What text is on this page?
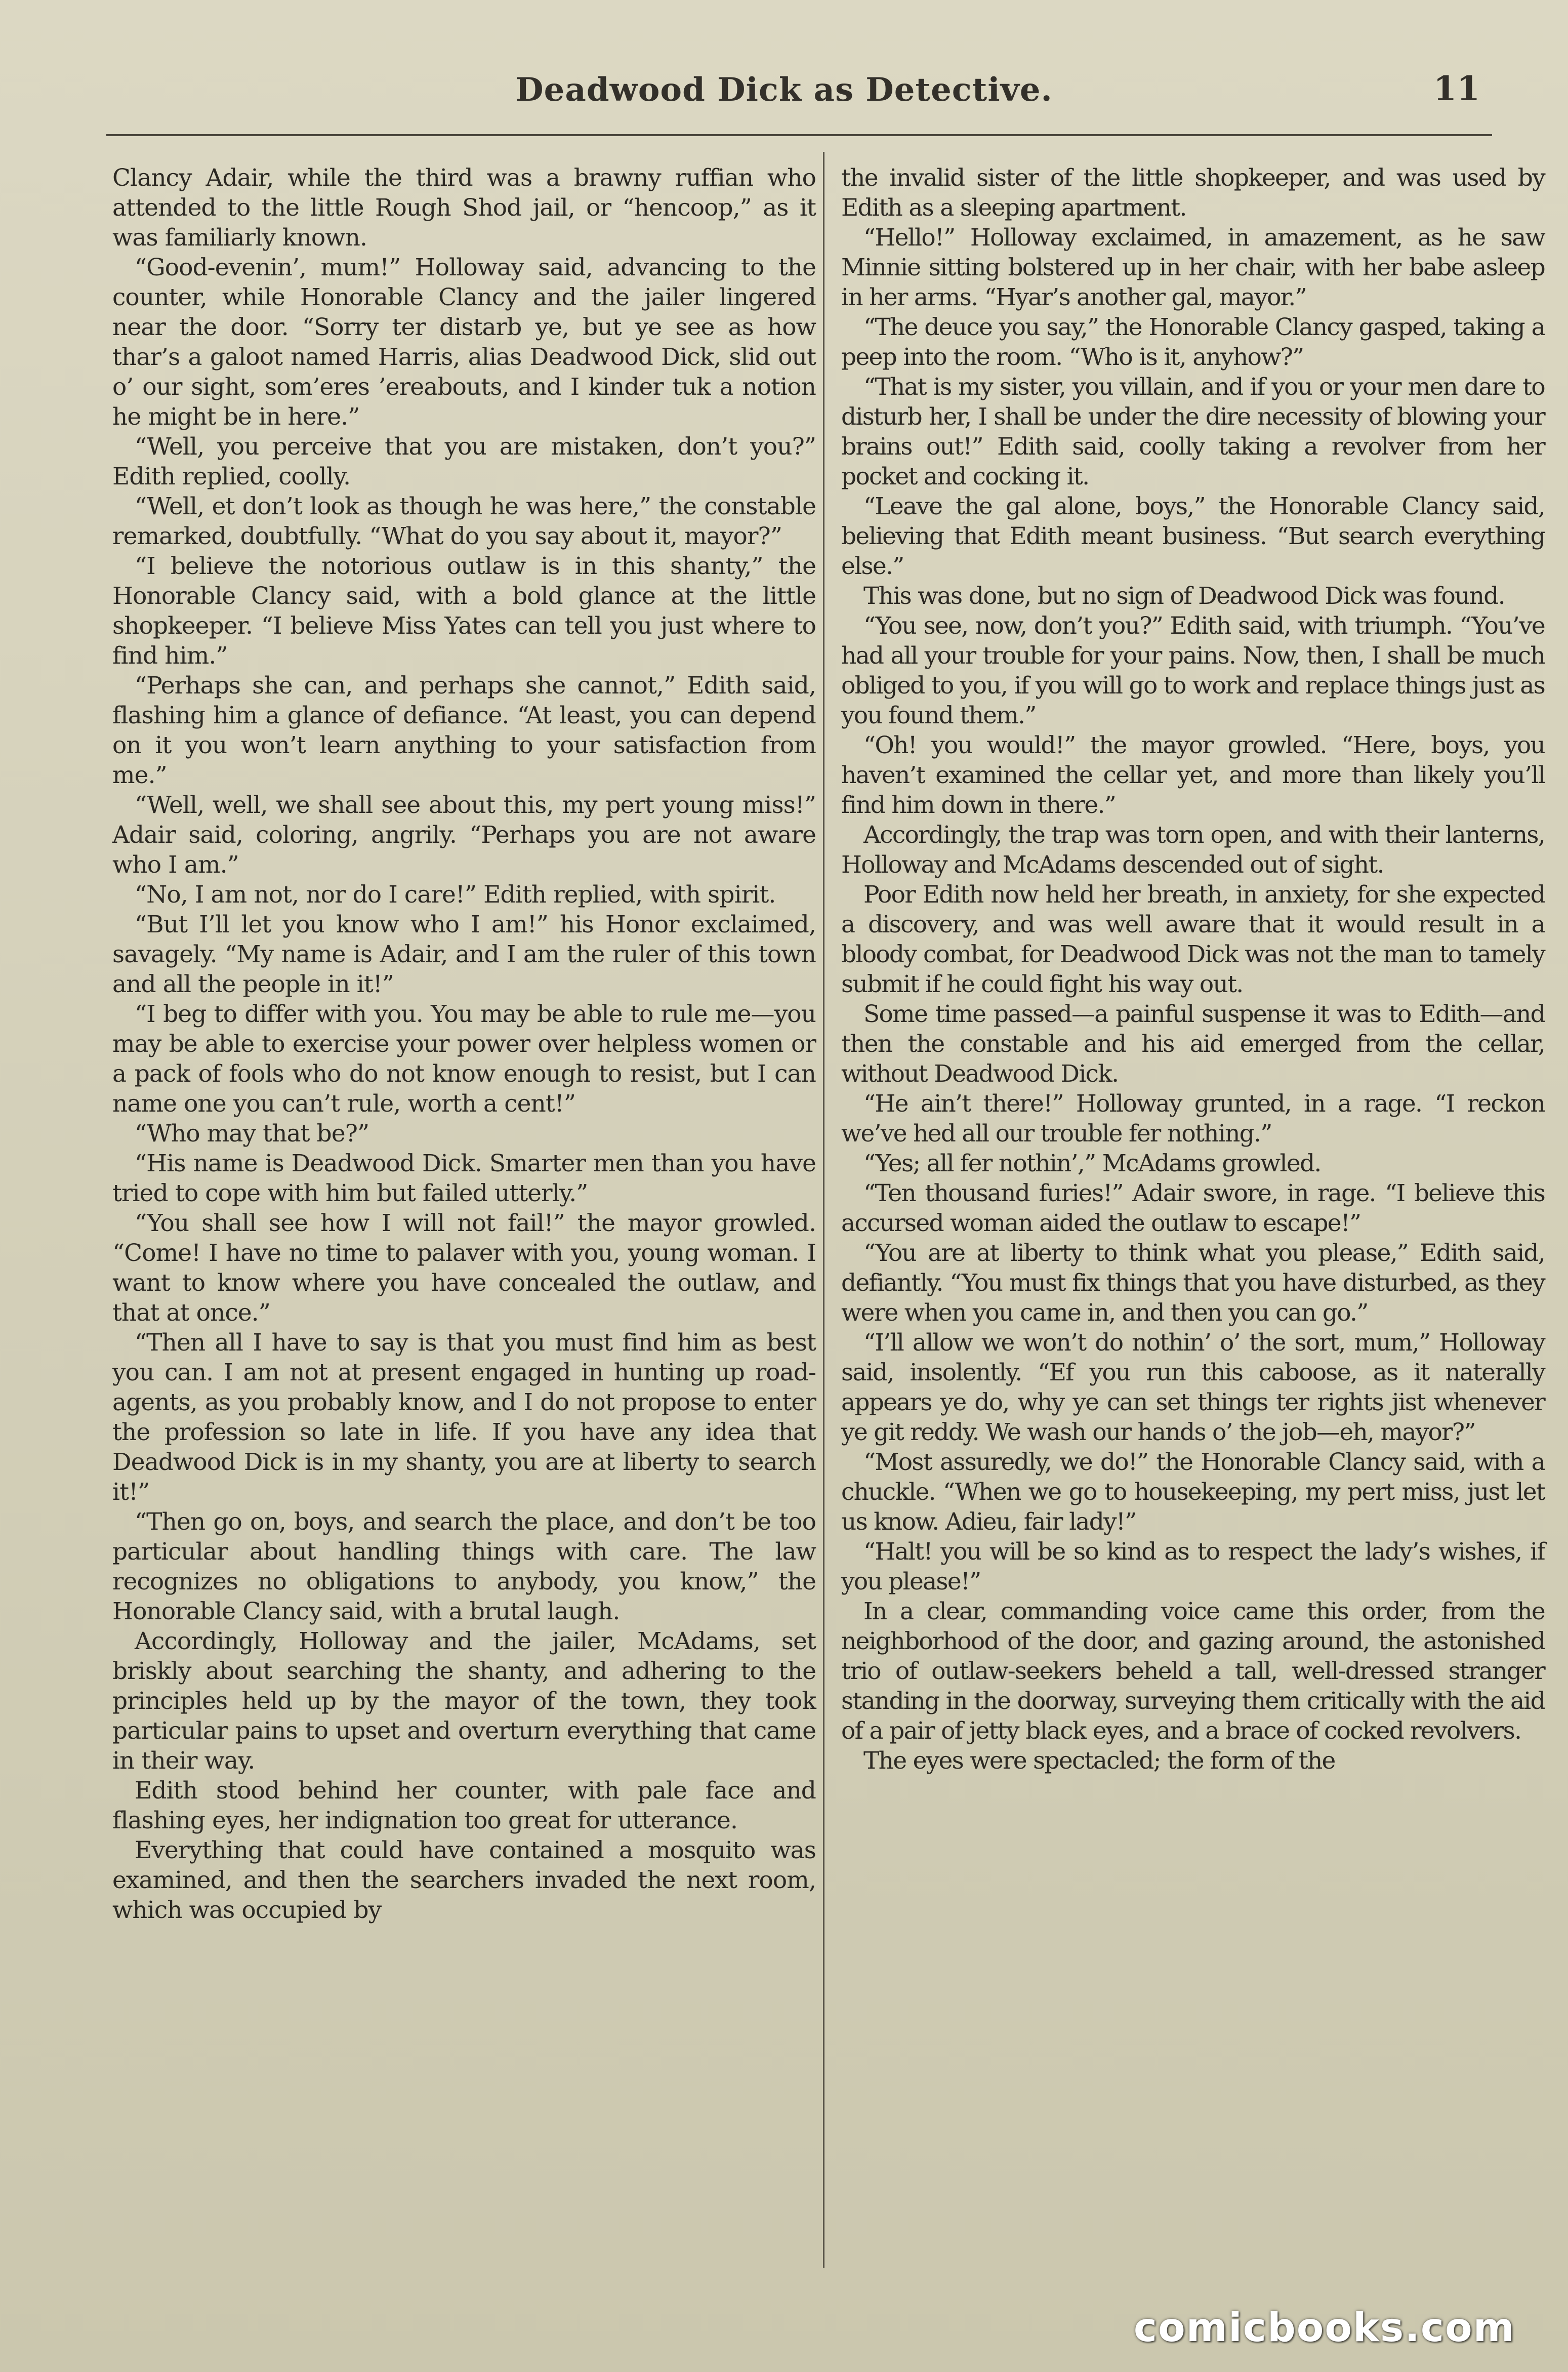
Deadwood Dick as Detective.	11

Clancy Adair, while the third was a brawny ruffian who attended to the little Rough Shod jail, or “hencoop,” as it was familiarly known.

“Good-evenin’, mum!” Holloway said, advancing to the counter, while Honorable Clancy and the jailer lingered near the door. “Sorry ter distarb ye, but ye see as how thar’s a galoot named Harris, alias Deadwood Dick, slid out o’ our sight, som’eres ’ereabouts, and I kinder tuk a notion he might be in here.”

“Well, you perceive that you are mistaken, don’t you?” Edith replied, coolly.

“Well, et don’t look as though he was here,” the constable remarked, doubtfully. “What do you say about it, mayor?”

“I believe the notorious outlaw is in this shanty,” the Honorable Clancy said, with a bold glance at the little shopkeeper. “I believe Miss Yates can tell you just where to find him.”

“Perhaps she can, and perhaps she cannot,” Edith said, flashing him a glance of defiance. “At least, you can depend on it you won’t learn anything to your satisfaction from me.”

“Well, well, we shall see about this, my pert young miss!” Adair said, coloring, angrily. “Perhaps you are not aware who I am.”

“No, I am not, nor do I care!” Edith replied, with spirit.

“But I’ll let you know who I am!” his Honor exclaimed, savagely. “My name is Adair, and I am the ruler of this town and all the people in it!”

“I beg to differ with you. You may be able to rule me—you may be able to exercise your power over helpless women or a pack of fools who do not know enough to resist, but I can name one you can’t rule, worth a cent!”

“Who may that be?”

“His name is Deadwood Dick. Smarter men than you have tried to cope with him but failed utterly.”

“You shall see how I will not fail!” the mayor growled. “Come! I have no time to palaver with you, young woman. I want to know where you have concealed the outlaw, and that at once.”

“Then all I have to say is that you must find him as best you can. I am not at present engaged in hunting up road-agents, as you probably know, and I do not propose to enter the profession so late in life. If you have any idea that Deadwood Dick is in my shanty, you are at liberty to search it!”

“Then go on, boys, and search the place, and don’t be too particular about handling things with care. The law recognizes no obligations to anybody, you know,” the Honorable Clancy said, with a brutal laugh.

Accordingly, Holloway and the jailer, McAdams, set briskly about searching the shanty, and adhering to the principles held up by the mayor of the town, they took particular pains to upset and overturn everything that came in their way.

Edith stood behind her counter, with pale face and flashing eyes, her indignation too great for utterance.

Everything that could have contained a mosquito was examined, and then the searchers invaded the next room, which was occupied by

the invalid sister of the little shopkeeper, and was used by Edith as a sleeping apartment.

“Hello!” Holloway exclaimed, in amazement, as he saw Minnie sitting bolstered up in her chair, with her babe asleep in her arms. “Hyar’s another gal, mayor.”

“The deuce you say,” the Honorable Clancy gasped, taking a peep into the room. “Who is it, anyhow?”

“That is my sister, you villain, and if you or your men dare to disturb her, I shall be under the dire necessity of blowing your brains out!” Edith said, coolly taking a revolver from her pocket and cocking it.

“Leave the gal alone, boys,” the Honorable Clancy said, believing that Edith meant business. “But search everything else.”

This was done, but no sign of Deadwood Dick was found.

“You see, now, don’t you?” Edith said, with triumph. “You’ve had all your trouble for your pains. Now, then, I shall be much obliged to you, if you will go to work and replace things just as you found them.”

“Oh! you would!” the mayor growled. “Here, boys, you haven’t examined the cellar yet, and more than likely you’ll find him down in there.”

Accordingly, the trap was torn open, and with their lanterns, Holloway and McAdams descended out of sight.

Poor Edith now held her breath, in anxiety, for she expected a discovery, and was well aware that it would result in a bloody combat, for Deadwood Dick was not the man to tamely submit if he could fight his way out.

Some time passed—a painful suspense it was to Edith—and then the constable and his aid emerged from the cellar, without Deadwood Dick.

“He ain’t there!” Holloway grunted, in a rage. “I reckon we’ve hed all our trouble fer nothing.”

“Yes; all fer nothin’,” McAdams growled.

“Ten thousand furies!” Adair swore, in rage. “I believe this accursed woman aided the outlaw to escape!”

“You are at liberty to think what you please,” Edith said, defiantly. “You must fix things that you have disturbed, as they were when you came in, and then you can go.”

“I’ll allow we won’t do nothin’ o’ the sort, mum,” Holloway said, insolently. “Ef you run this caboose, as it naterally appears ye do, why ye can set things ter rights jist whenever ye git reddy. We wash our hands o’ the job—eh, mayor?”

“Most assuredly, we do!” the Honorable Clancy said, with a chuckle. “When we go to housekeeping, my pert miss, just let us know. Adieu, fair lady!”

“Halt! you will be so kind as to respect the lady’s wishes, if you please!”

In a clear, commanding voice came this order, from the neighborhood of the door, and gazing around, the astonished trio of outlaw-seekers beheld a tall, well-dressed stranger standing in the doorway, surveying them critically with the aid of a pair of jetty black eyes, and a brace of cocked revolvers.

The eyes were spectacled; the form of the

comicbooks.com
